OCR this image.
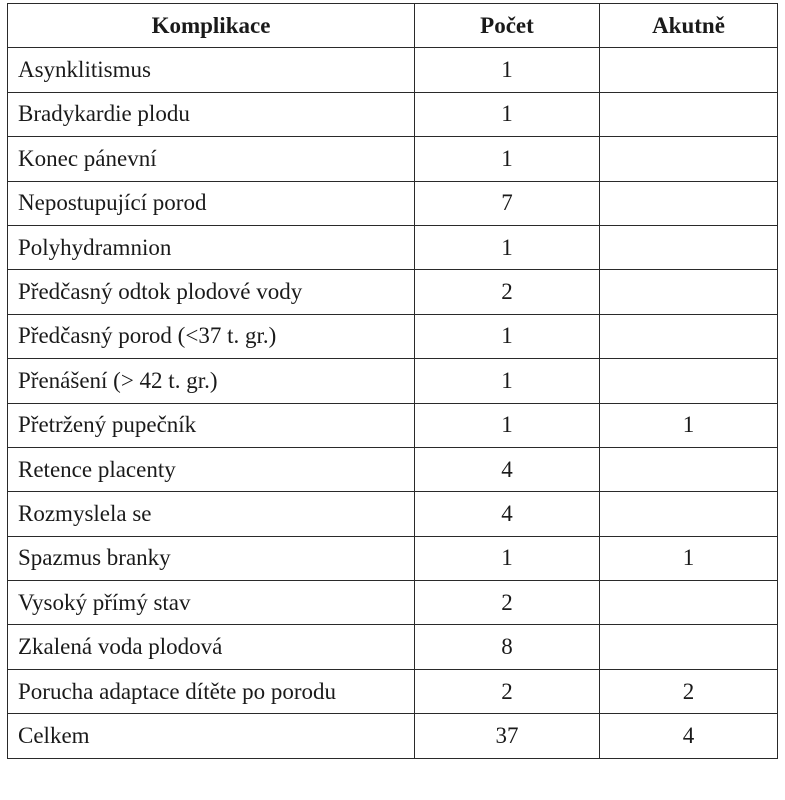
Komplikace	Počet	Akutně
Asynklitismus	1	
Bradykardie plodu	1	
Konec pánevní	1	
Nepostupující porod	7	
Polyhydramnion	1	
Předčasný odtok plodové vody	2	
Předčasný porod (<37 t. gr.)	1	
Přenášení (> 42 t. gr.)	1	
Přetržený pupečník	1	1
Retence placenty	4	
Rozmyslela se	4	
Spazmus branky	1	1
Vysoký přímý stav	2	
Zkalená voda plodová	8	
Porucha adaptace dítěte po porodu	2	2
Celkem	37	4
